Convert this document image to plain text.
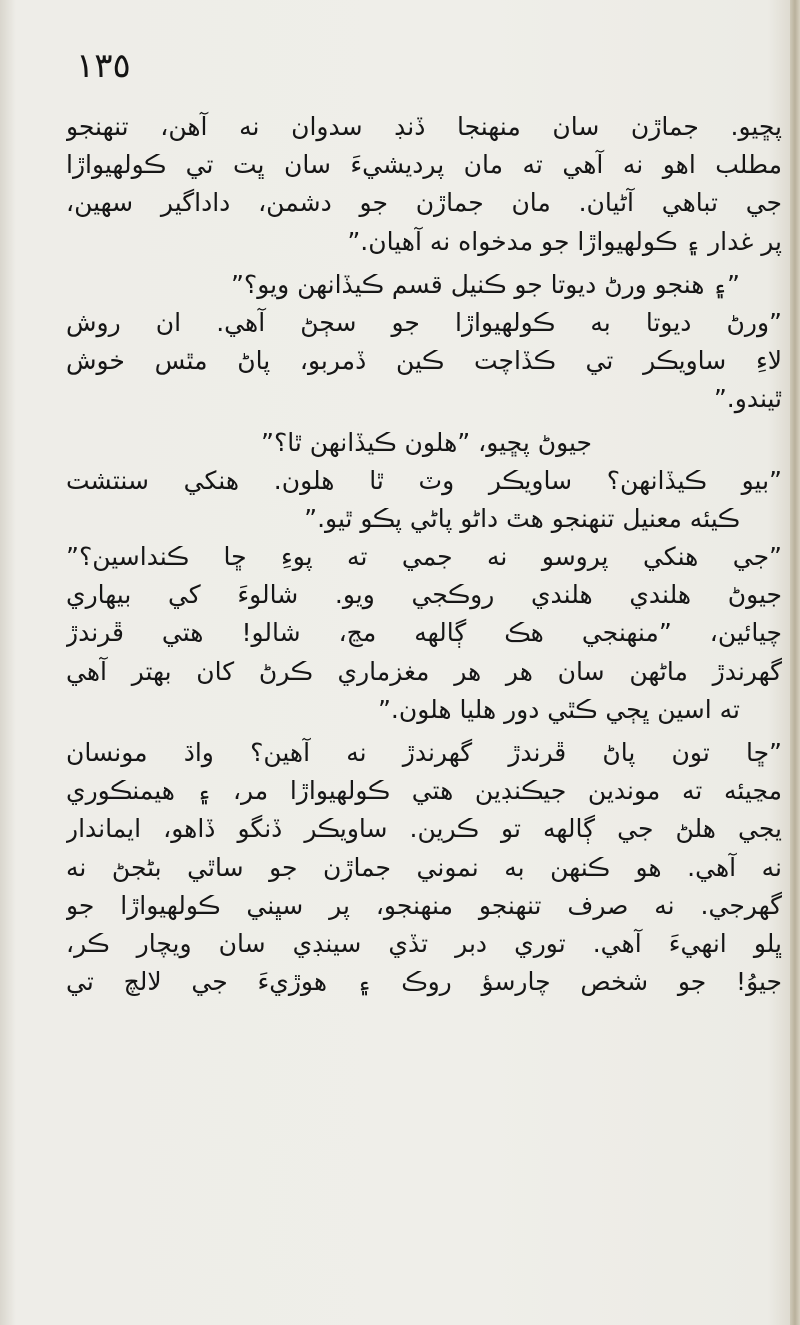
١٣٥
پڇيو. جماڙن سان منهنجا ڏنڊ سدوان نه آهن، تنهنجو
مطلب اهو نه آهي ته مان پرديشيءَ سان ڀت تي ڪولهيواڙا
جي تباهي آڻيان. مان جماڙن جو دشمن، داداگير سهين،
پر غدار ۽ ڪولهيواڙا جو مدخواه نه آهيان.”
”۽ هنجو ورڻ ديوتا جو ڪنيل قسم ڪيڏانهن ويو؟”
”ورڻ ديوتا به ڪولهيواڙا جو سڄڻ آهي. ان روش
لاءِ ساويڪر تي ڪڏاچت ڪين ڏمربو، پاڻ مٿس خوش
ٿيندو.”
جيوڻ پڇيو، ”هلون ڪيڏانهن ٿا؟”
”بيو ڪيڏانهن؟ ساويڪر وٽ ٿا هلون. هنکي سنتشت
ڪيئه معنيل تنهنجو هٿ داڻو پاڻي پڪو ٿيو.”
”جي هنکي پروسو نه جمي ته پوءِ ڇا ڪنداسين؟”
جيوڻ هلندي هلندي روڪجي ويو. شالوءَ کي بيهاري
چيائين، ”منهنجي هڪ ڳالهه مڃ، شالو! هتي ڦرندڙ
گهرندڙ ماڻهن سان هر هر مغزماري ڪرڻ کان بهتر آهي
ته اسين ڀڄي ڪٿي دور هليا هلون.”
”ڇا تون پاڻ ڦرندڙ گهرندڙ نه آهين؟ واڌ مونسان
مڃيئه ته موندين جيڪنڊين هتي ڪولهيواڙا مر، ۽ هيمنڪوري
يجي هلڻ جي ڳالهه تو ڪرين. ساويڪر ڏنگو ڏاهو، ايماندار
نه آهي. هو ڪنهن به نموني جماڙن جو ساٿي بڻجڻ نه
گهرجي. نه صرف تنهنجو منهنجو، پر سڀني ڪولهيواڙا جو
ڀلو انهيءَ آهي. توري دبر تڏي سينڊي سان ويچار ڪر،
جيوُ! جو شخص چارسؤ روڪ ۽ هوڙيءَ جي لالچ تي
